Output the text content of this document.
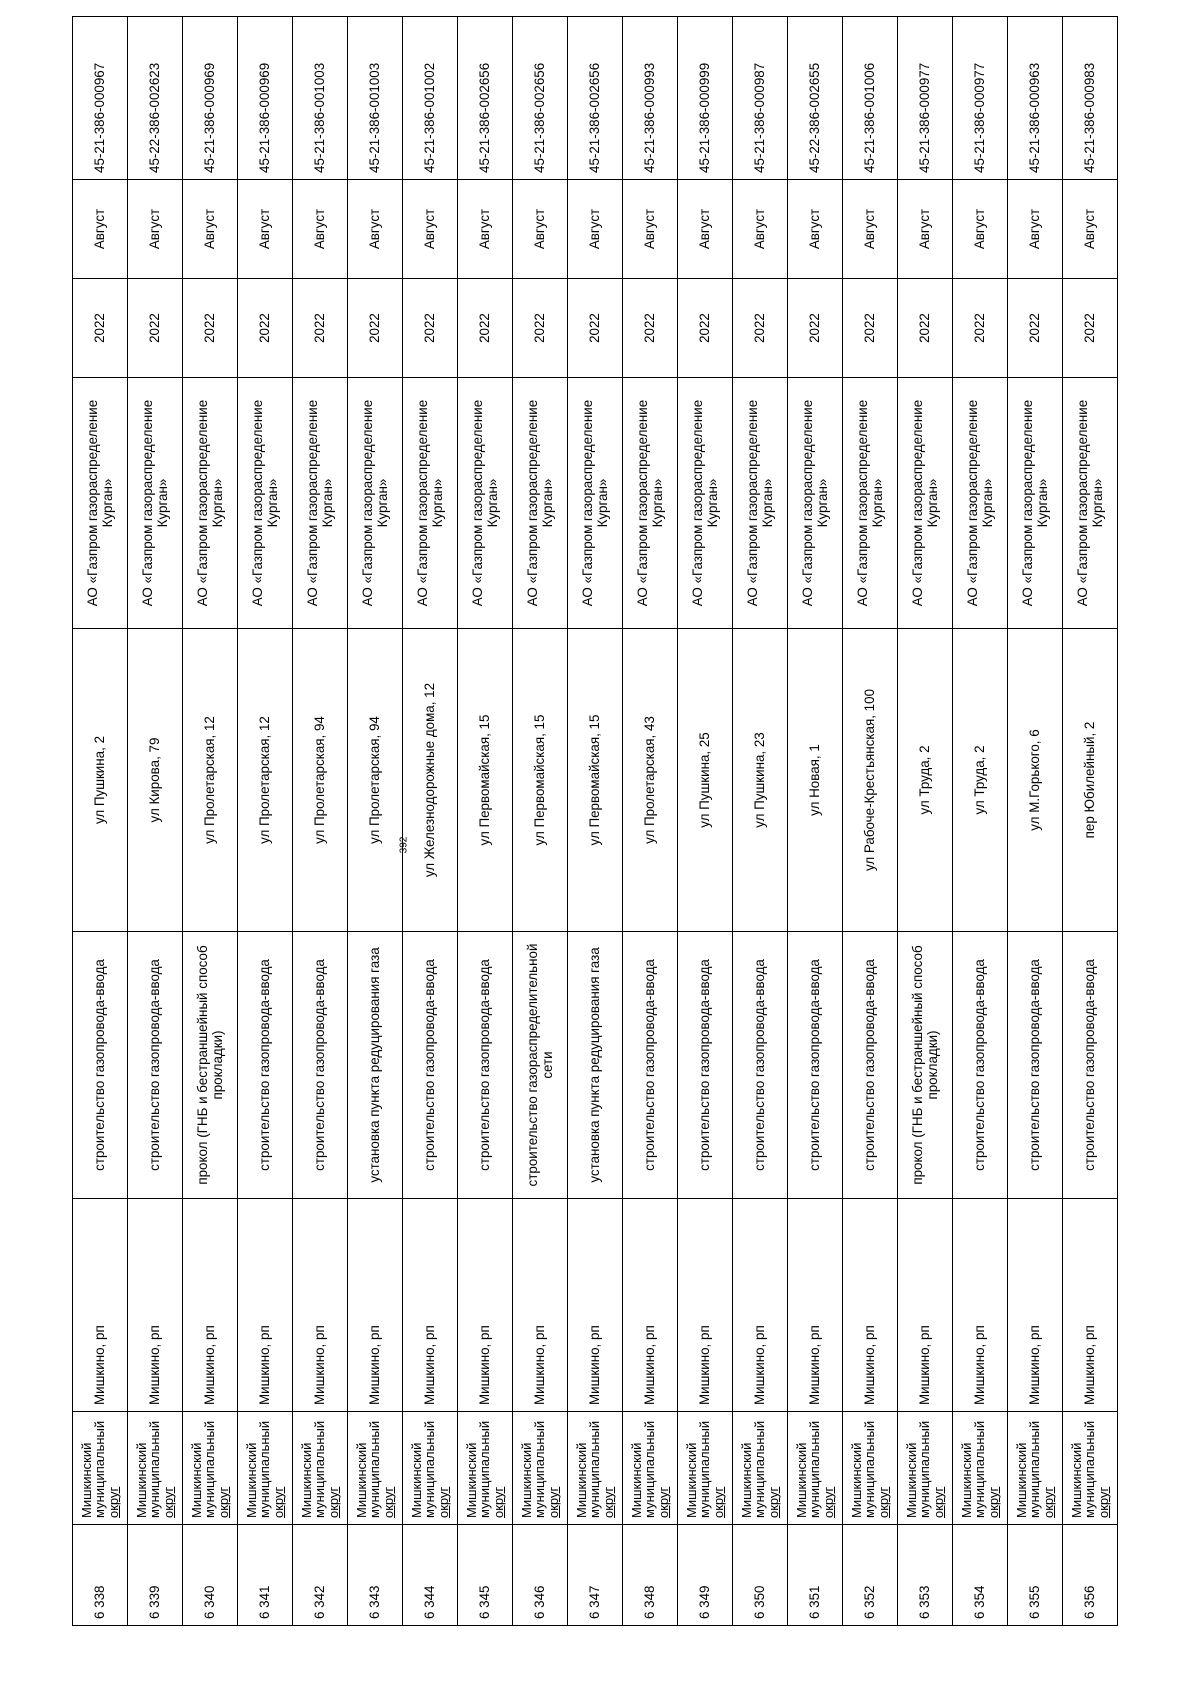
392
6 338	Мишкинский
муниципальный
округ	Мишкино, рп	строительство газопровода-ввода	ул Пушкина, 2	АО «Газпром газораспределение Курган»	2022	Август	45-21-386-000967
6 339	Мишкинский
муниципальный
округ	Мишкино, рп	строительство газопровода-ввода	ул Кирова, 79	АО «Газпром газораспределение Курган»	2022	Август	45-22-386-002623
6 340	Мишкинский
муниципальный
округ	Мишкино, рп	прокол (ГНБ и бестраншейный способ прокладки)	ул Пролетарская, 12	АО «Газпром газораспределение Курган»	2022	Август	45-21-386-000969
6 341	Мишкинский
муниципальный
округ	Мишкино, рп	строительство газопровода-ввода	ул Пролетарская, 12	АО «Газпром газораспределение Курган»	2022	Август	45-21-386-000969
6 342	Мишкинский
муниципальный
округ	Мишкино, рп	строительство газопровода-ввода	ул Пролетарская, 94	АО «Газпром газораспределение Курган»	2022	Август	45-21-386-001003
6 343	Мишкинский
муниципальный
округ	Мишкино, рп	установка пункта редуцирования газа	ул Пролетарская, 94	АО «Газпром газораспределение Курган»	2022	Август	45-21-386-001003
6 344	Мишкинский
муниципальный
округ	Мишкино, рп	строительство газопровода-ввода	ул Железнодорожные дома, 12	АО «Газпром газораспределение Курган»	2022	Август	45-21-386-001002
6 345	Мишкинский
муниципальный
округ	Мишкино, рп	строительство газопровода-ввода	ул Первомайская, 15	АО «Газпром газораспределение Курган»	2022	Август	45-21-386-002656
6 346	Мишкинский
муниципальный
округ	Мишкино, рп	строительство газораспределительной сети	ул Первомайская, 15	АО «Газпром газораспределение Курган»	2022	Август	45-21-386-002656
6 347	Мишкинский
муниципальный
округ	Мишкино, рп	установка пункта редуцирования газа	ул Первомайская, 15	АО «Газпром газораспределение Курган»	2022	Август	45-21-386-002656
6 348	Мишкинский
муниципальный
округ	Мишкино, рп	строительство газопровода-ввода	ул Пролетарская, 43	АО «Газпром газораспределение Курган»	2022	Август	45-21-386-000993
6 349	Мишкинский
муниципальный
округ	Мишкино, рп	строительство газопровода-ввода	ул Пушкина, 25	АО «Газпром газораспределение Курган»	2022	Август	45-21-386-000999
6 350	Мишкинский
муниципальный
округ	Мишкино, рп	строительство газопровода-ввода	ул Пушкина, 23	АО «Газпром газораспределение Курган»	2022	Август	45-21-386-000987
6 351	Мишкинский
муниципальный
округ	Мишкино, рп	строительство газопровода-ввода	ул Новая, 1	АО «Газпром газораспределение Курган»	2022	Август	45-22-386-002655
6 352	Мишкинский
муниципальный
округ	Мишкино, рп	строительство газопровода-ввода	ул Рабоче-Крестьянская, 100	АО «Газпром газораспределение Курган»	2022	Август	45-21-386-001006
6 353	Мишкинский
муниципальный
округ	Мишкино, рп	прокол (ГНБ и бестраншейный способ прокладки)	ул Труда, 2	АО «Газпром газораспределение Курган»	2022	Август	45-21-386-000977
6 354	Мишкинский
муниципальный
округ	Мишкино, рп	строительство газопровода-ввода	ул Труда, 2	АО «Газпром газораспределение Курган»	2022	Август	45-21-386-000977
6 355	Мишкинский
муниципальный
округ	Мишкино, рп	строительство газопровода-ввода	ул М.Горького, 6	АО «Газпром газораспределение Курган»	2022	Август	45-21-386-000963
6 356	Мишкинский
муниципальный
округ	Мишкино, рп	строительство газопровода-ввода	пер Юбилейный, 2	АО «Газпром газораспределение Курган»	2022	Август	45-21-386-000983
